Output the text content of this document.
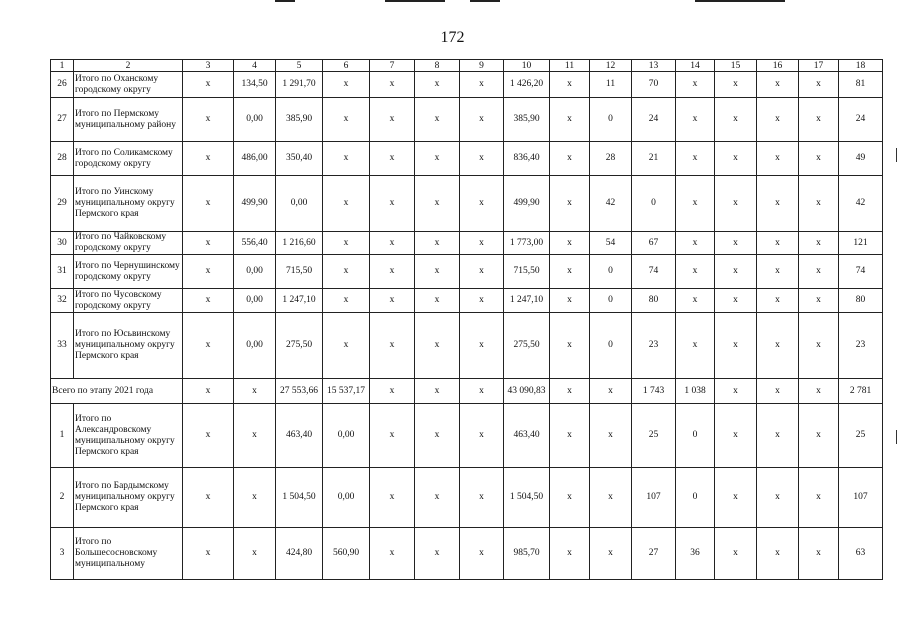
172
1	2	3	4	5	6	7	8	9	10	11	12	13	14	15	16	17	18
26	Итого по Оханскому городскому округу	х	134,50	1 291,70	х	х	х	х	1 426,20	х	11	70	х	х	х	х	81
27	Итого по Пермскому муниципальному району	х	0,00	385,90	х	х	х	х	385,90	х	0	24	х	х	х	х	24
28	Итого по Соликамскому городскому округу	х	486,00	350,40	х	х	х	х	836,40	х	28	21	х	х	х	х	49
29	Итого по Уинскому муниципальному округу Пермского края	х	499,90	0,00	х	х	х	х	499,90	х	42	0	х	х	х	х	42
30	Итого по Чайковскому городскому округу	х	556,40	1 216,60	х	х	х	х	1 773,00	х	54	67	х	х	х	х	121
31	Итого по Чернушинскому городскому округу	х	0,00	715,50	х	х	х	х	715,50	х	0	74	х	х	х	х	74
32	Итого по Чусовскому городскому округу	х	0,00	1 247,10	х	х	х	х	1 247,10	х	0	80	х	х	х	х	80
33	Итого по Юсьвинскому муниципальному округу Пермского края	х	0,00	275,50	х	х	х	х	275,50	х	0	23	х	х	х	х	23
Всего по этапу 2021 года		х	х	27 553,66	15 537,17	х	х	х	43 090,83	х	х	1 743	1 038	х	х	х	2 781
1	Итого по Александровскому муниципальному округу Пермского края	х	х	463,40	0,00	х	х	х	463,40	х	х	25	0	х	х	х	25
2	Итого по Бардымскому муниципальному округу Пермского края	х	х	1 504,50	0,00	х	х	х	1 504,50	х	х	107	0	х	х	х	107
3	Итого по Большесосновскому муниципальному	х	х	424,80	560,90	х	х	х	985,70	х	х	27	36	х	х	х	63
